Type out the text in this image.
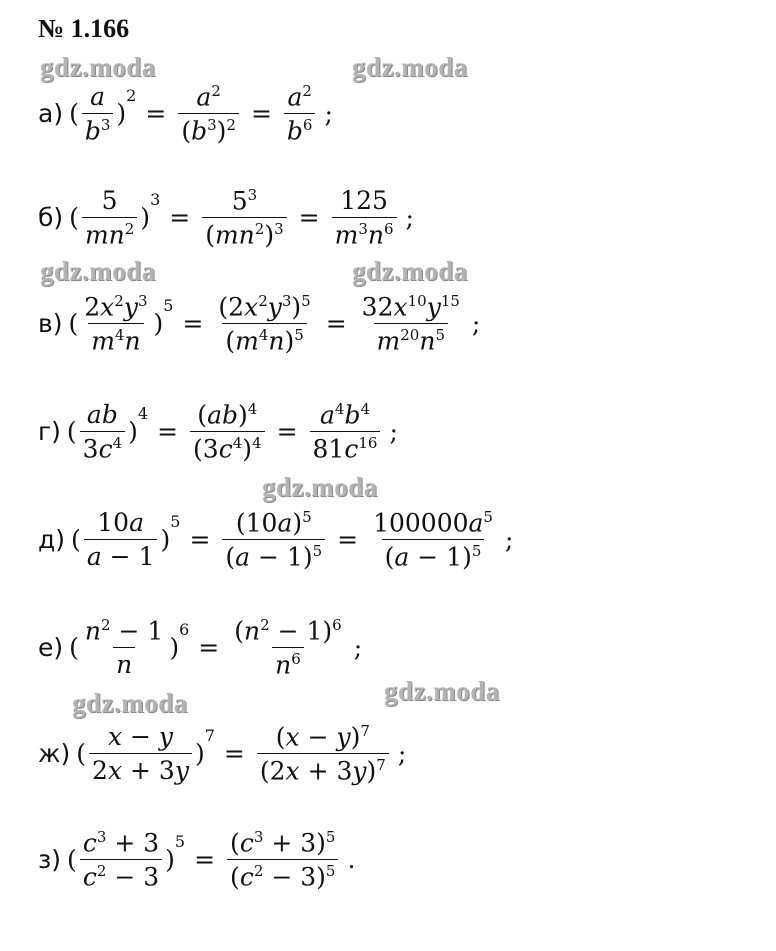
№ 1.166
gdz.moda	gdz.moda
gdz.moda	gdz.moda
gdz.moda
gdz.moda	gdz.moda
а) ( $\frac{a}{b^3}$ )
2
= $\frac{a^2}{(b^3)^2} = \frac{a^2}{b^6}$ ;
б) ( $\frac{5}{mn^2}$ )
3
= $\frac{5^3}{(mn^2)^3} = \frac{125}{m^3n^6}$ ;
в) ( $\frac{2x^2y^3}{m^4n}$ )
5
= $\frac{(2x^2y^3)^5}{(m^4n)^5} = \frac{32x^{10}y^{15}}{m^{20}n^5}$ ;
г) ( $\frac{ab}{3c^4}$ )
4
= $\frac{(ab)^4}{(3c^4)^4} = \frac{a^4b^4}{81c^{16}}$ ;
д) ( $\frac{10a}{a - 1}$ )
5
= $\frac{(10a)^5}{(a - 1)^5} = \frac{100000a^5}{(a - 1)^5}$ ;
е) ( $\frac{n^2 - 1}{n}$ )
6
= $\frac{(n^2 - 1)^6}{n^6}$ ;
ж) ( $\frac{x - y}{2x + 3y}$ )
7
= $\frac{(x - y)^7}{(2x + 3y)^7}$ ;
з) ( $\frac{c^3 + 3}{c^2 - 3}$ )
5
= $\frac{(c^3 + 3)^5}{(c^2 - 3)^5}$ .
